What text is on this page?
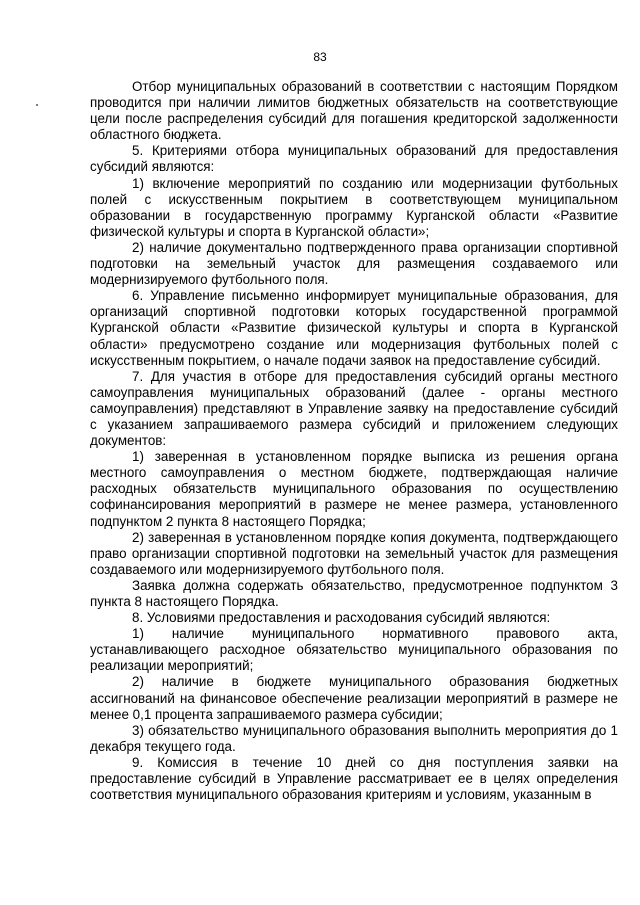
83

Отбор муниципальных образований в соответствии с настоящим Порядком проводится при наличии лимитов бюджетных обязательств на соответствующие цели после распределения субсидий для погашения кредиторской задолженности областного бюджета.

5. Критериями отбора муниципальных образований для предоставления субсидий являются:

1) включение мероприятий по созданию или модернизации футбольных полей с искусственным покрытием в соответствующем муниципальном образовании в государственную программу Курганской области «Развитие физической культуры и спорта в Курганской области»;

2) наличие документально подтвержденного права организации спортивной подготовки на земельный участок для размещения создаваемого или модернизируемого футбольного поля.

6. Управление письменно информирует муниципальные образования, для организаций спортивной подготовки которых государственной программой Курганской области «Развитие физической культуры и спорта в Курганской области» предусмотрено создание или модернизация футбольных полей с искусственным покрытием, о начале подачи заявок на предоставление субсидий.

7. Для участия в отборе для предоставления субсидий органы местного самоуправления муниципальных образований (далее - органы местного самоуправления) представляют в Управление заявку на предоставление субсидий с указанием запрашиваемого размера субсидий и приложением следующих документов:

1) заверенная в установленном порядке выписка из решения органа местного самоуправления о местном бюджете, подтверждающая наличие расходных обязательств муниципального образования по осуществлению софинансирования мероприятий в размере не менее размера, установленного подпунктом 2 пункта 8 настоящего Порядка;

2) заверенная в установленном порядке копия документа, подтверждающего право организации спортивной подготовки на земельный участок для размещения создаваемого или модернизируемого футбольного поля.

Заявка должна содержать обязательство, предусмотренное подпунктом 3 пункта 8 настоящего Порядка.

8. Условиями предоставления и расходования субсидий являются:

1) наличие муниципального нормативного правового акта, устанавливающего расходное обязательство муниципального образования по реализации мероприятий;

2) наличие в бюджете муниципального образования бюджетных ассигнований на финансовое обеспечение реализации мероприятий в размере не менее 0,1 процента запрашиваемого размера субсидии;

3) обязательство муниципального образования выполнить мероприятия до 1 декабря текущего года.

9. Комиссия в течение 10 дней со дня поступления заявки на предоставление субсидий в Управление рассматривает ее в целях определения соответствия муниципального образования критериям и условиям, указанным в
